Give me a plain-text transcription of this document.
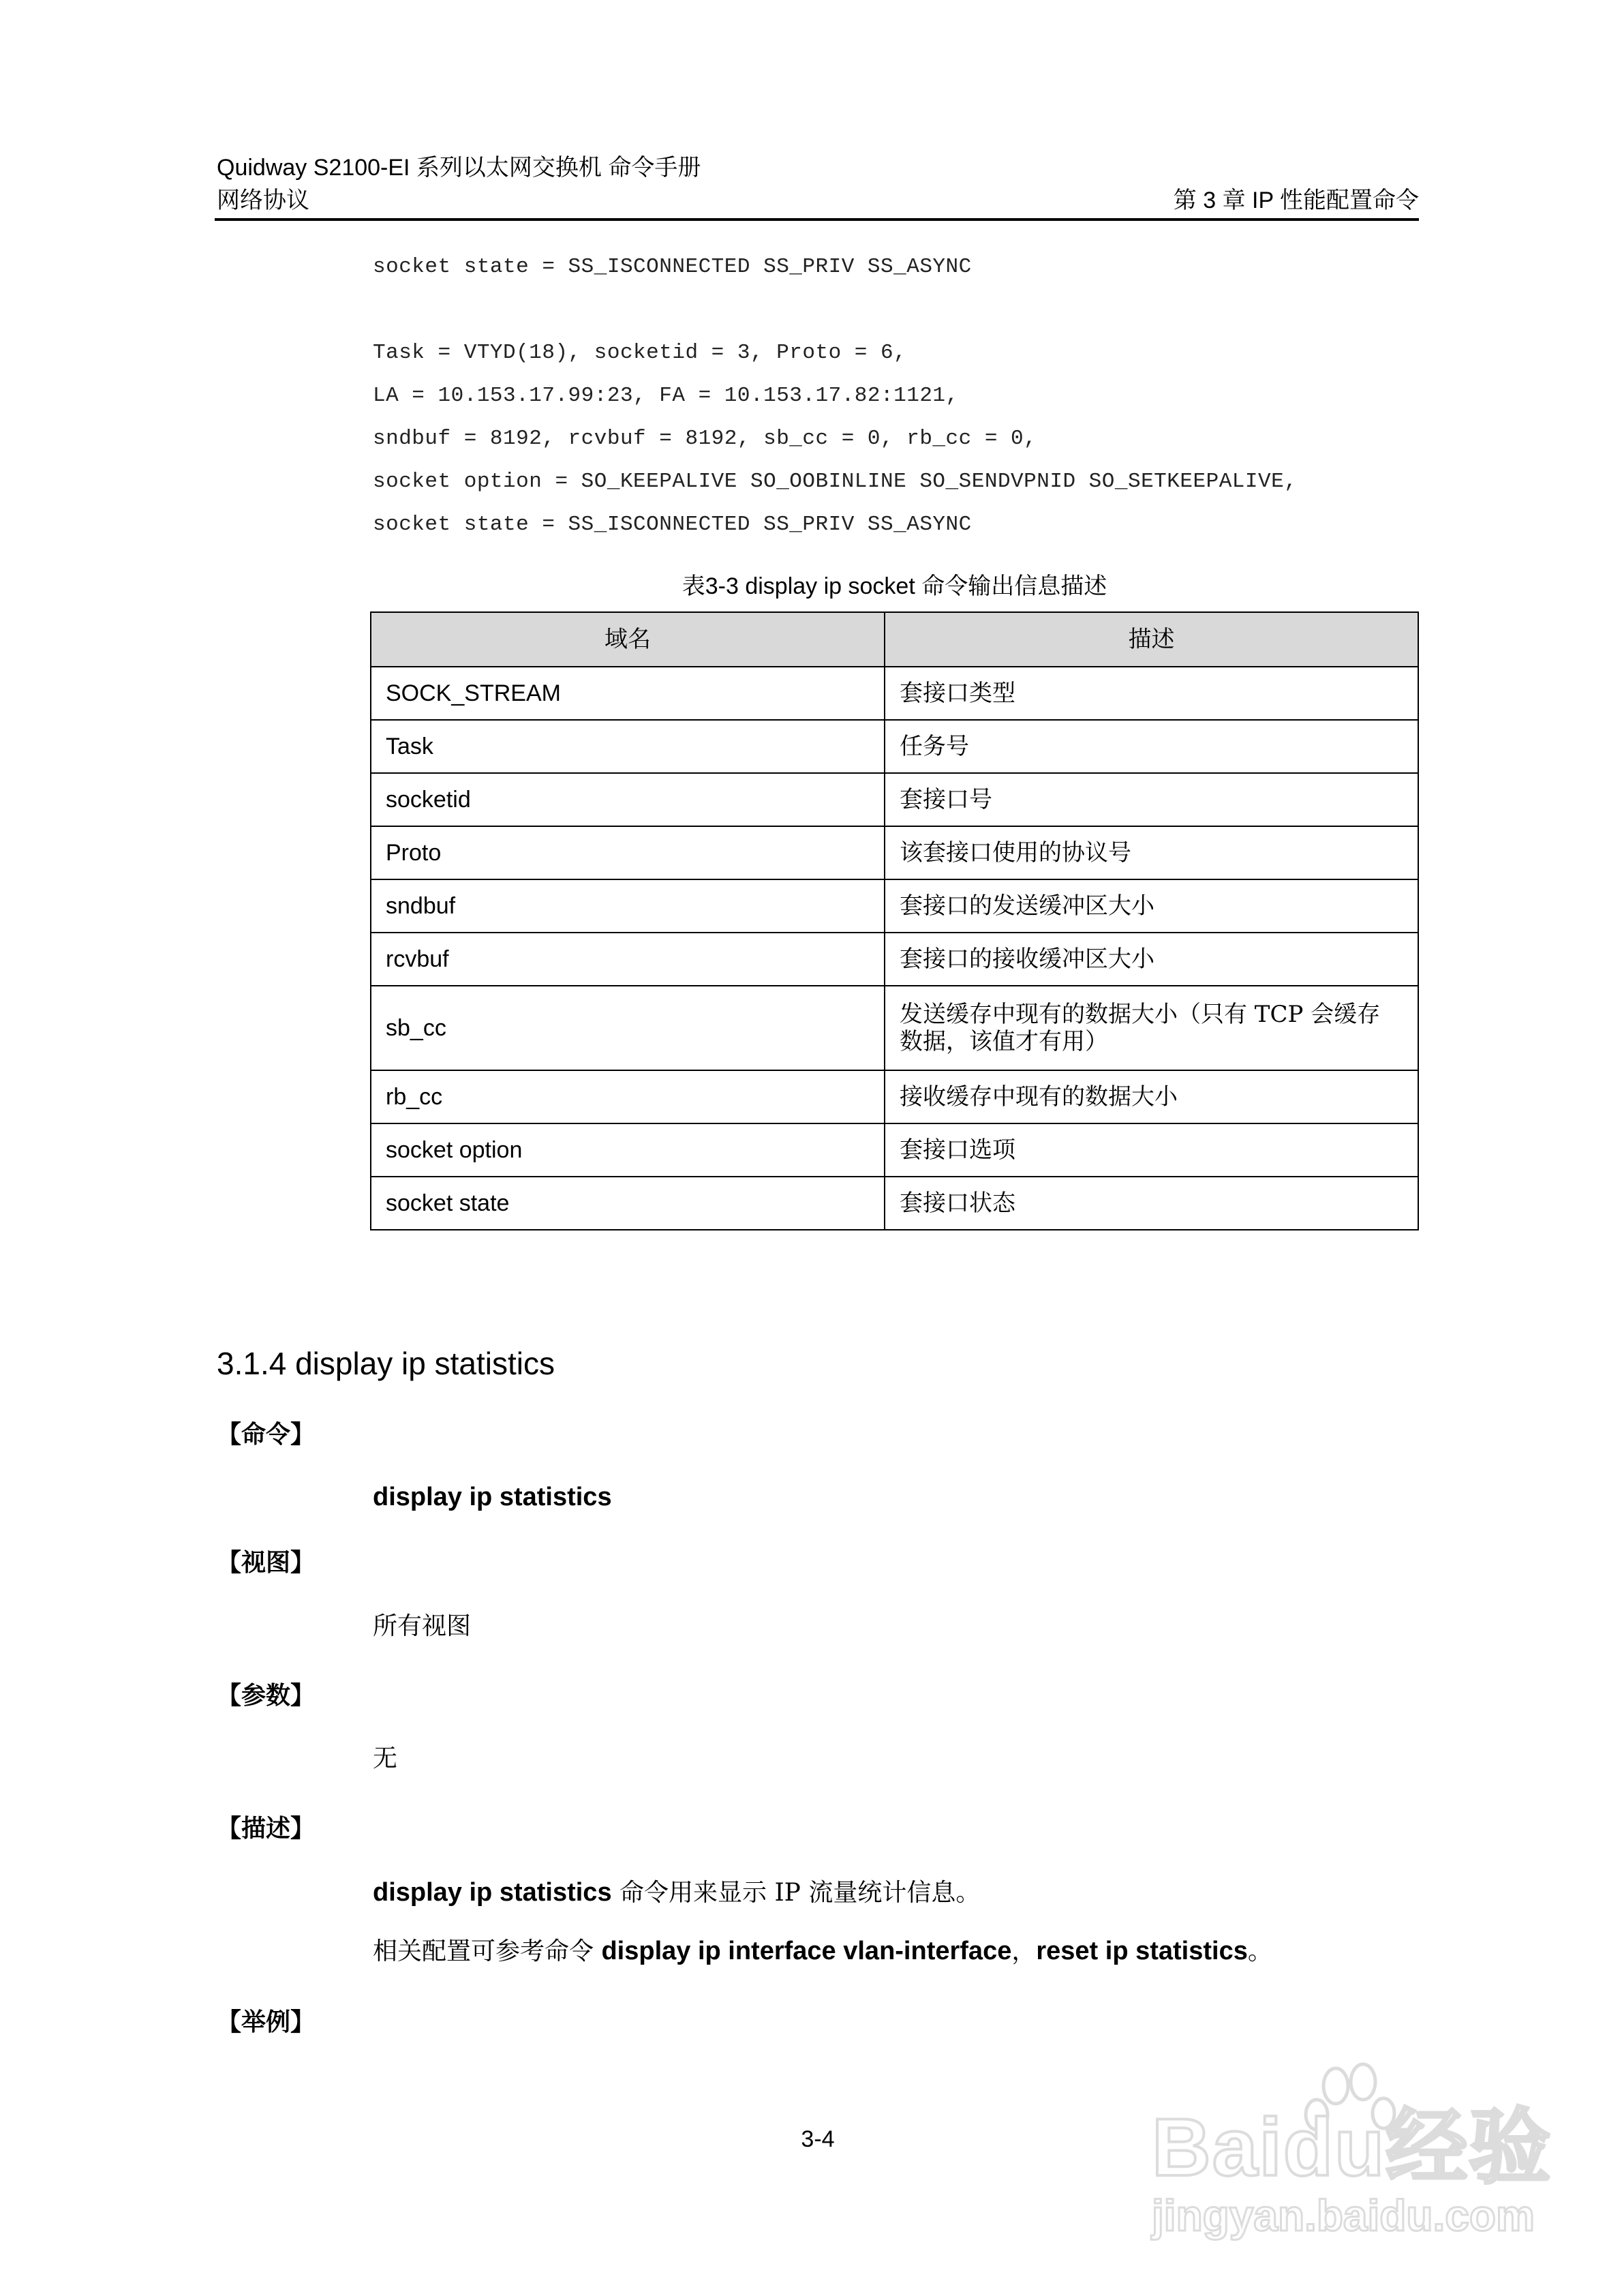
Quidway S2100-EI 系列以太网交换机 命令手册
网络协议	第 3 章 IP 性能配置命令
socket state = SS_ISCONNECTED SS_PRIV SS_ASYNC
Task = VTYD(18), socketid = 3, Proto = 6,
LA = 10.153.17.99:23, FA = 10.153.17.82:1121,
sndbuf = 8192, rcvbuf = 8192, sb_cc = 0, rb_cc = 0,
socket option = SO_KEEPALIVE SO_OOBINLINE SO_SENDVPNID SO_SETKEEPALIVE,
socket state = SS_ISCONNECTED SS_PRIV SS_ASYNC
表3-3 display ip socket 命令输出信息描述
域名	描述
SOCK_STREAM	套接口类型
Task	任务号
socketid	套接口号
Proto	该套接口使用的协议号
sndbuf	套接口的发送缓冲区大小
rcvbuf	套接口的接收缓冲区大小
sb_cc	发送缓存中现有的数据大小（只有 TCP 会缓存数据，该值才有用）
rb_cc	接收缓存中现有的数据大小
socket option	套接口选项
socket state	套接口状态
3.1.4 display ip statistics
【命令】
display ip statistics
【视图】
所有视图
【参数】
无
【描述】
display ip statistics 命令用来显示 IP 流量统计信息。
相关配置可参考命令 display ip interface vlan-interface，reset ip statistics。
【举例】
3-4	Baidu经验
jingyan.baidu.com
